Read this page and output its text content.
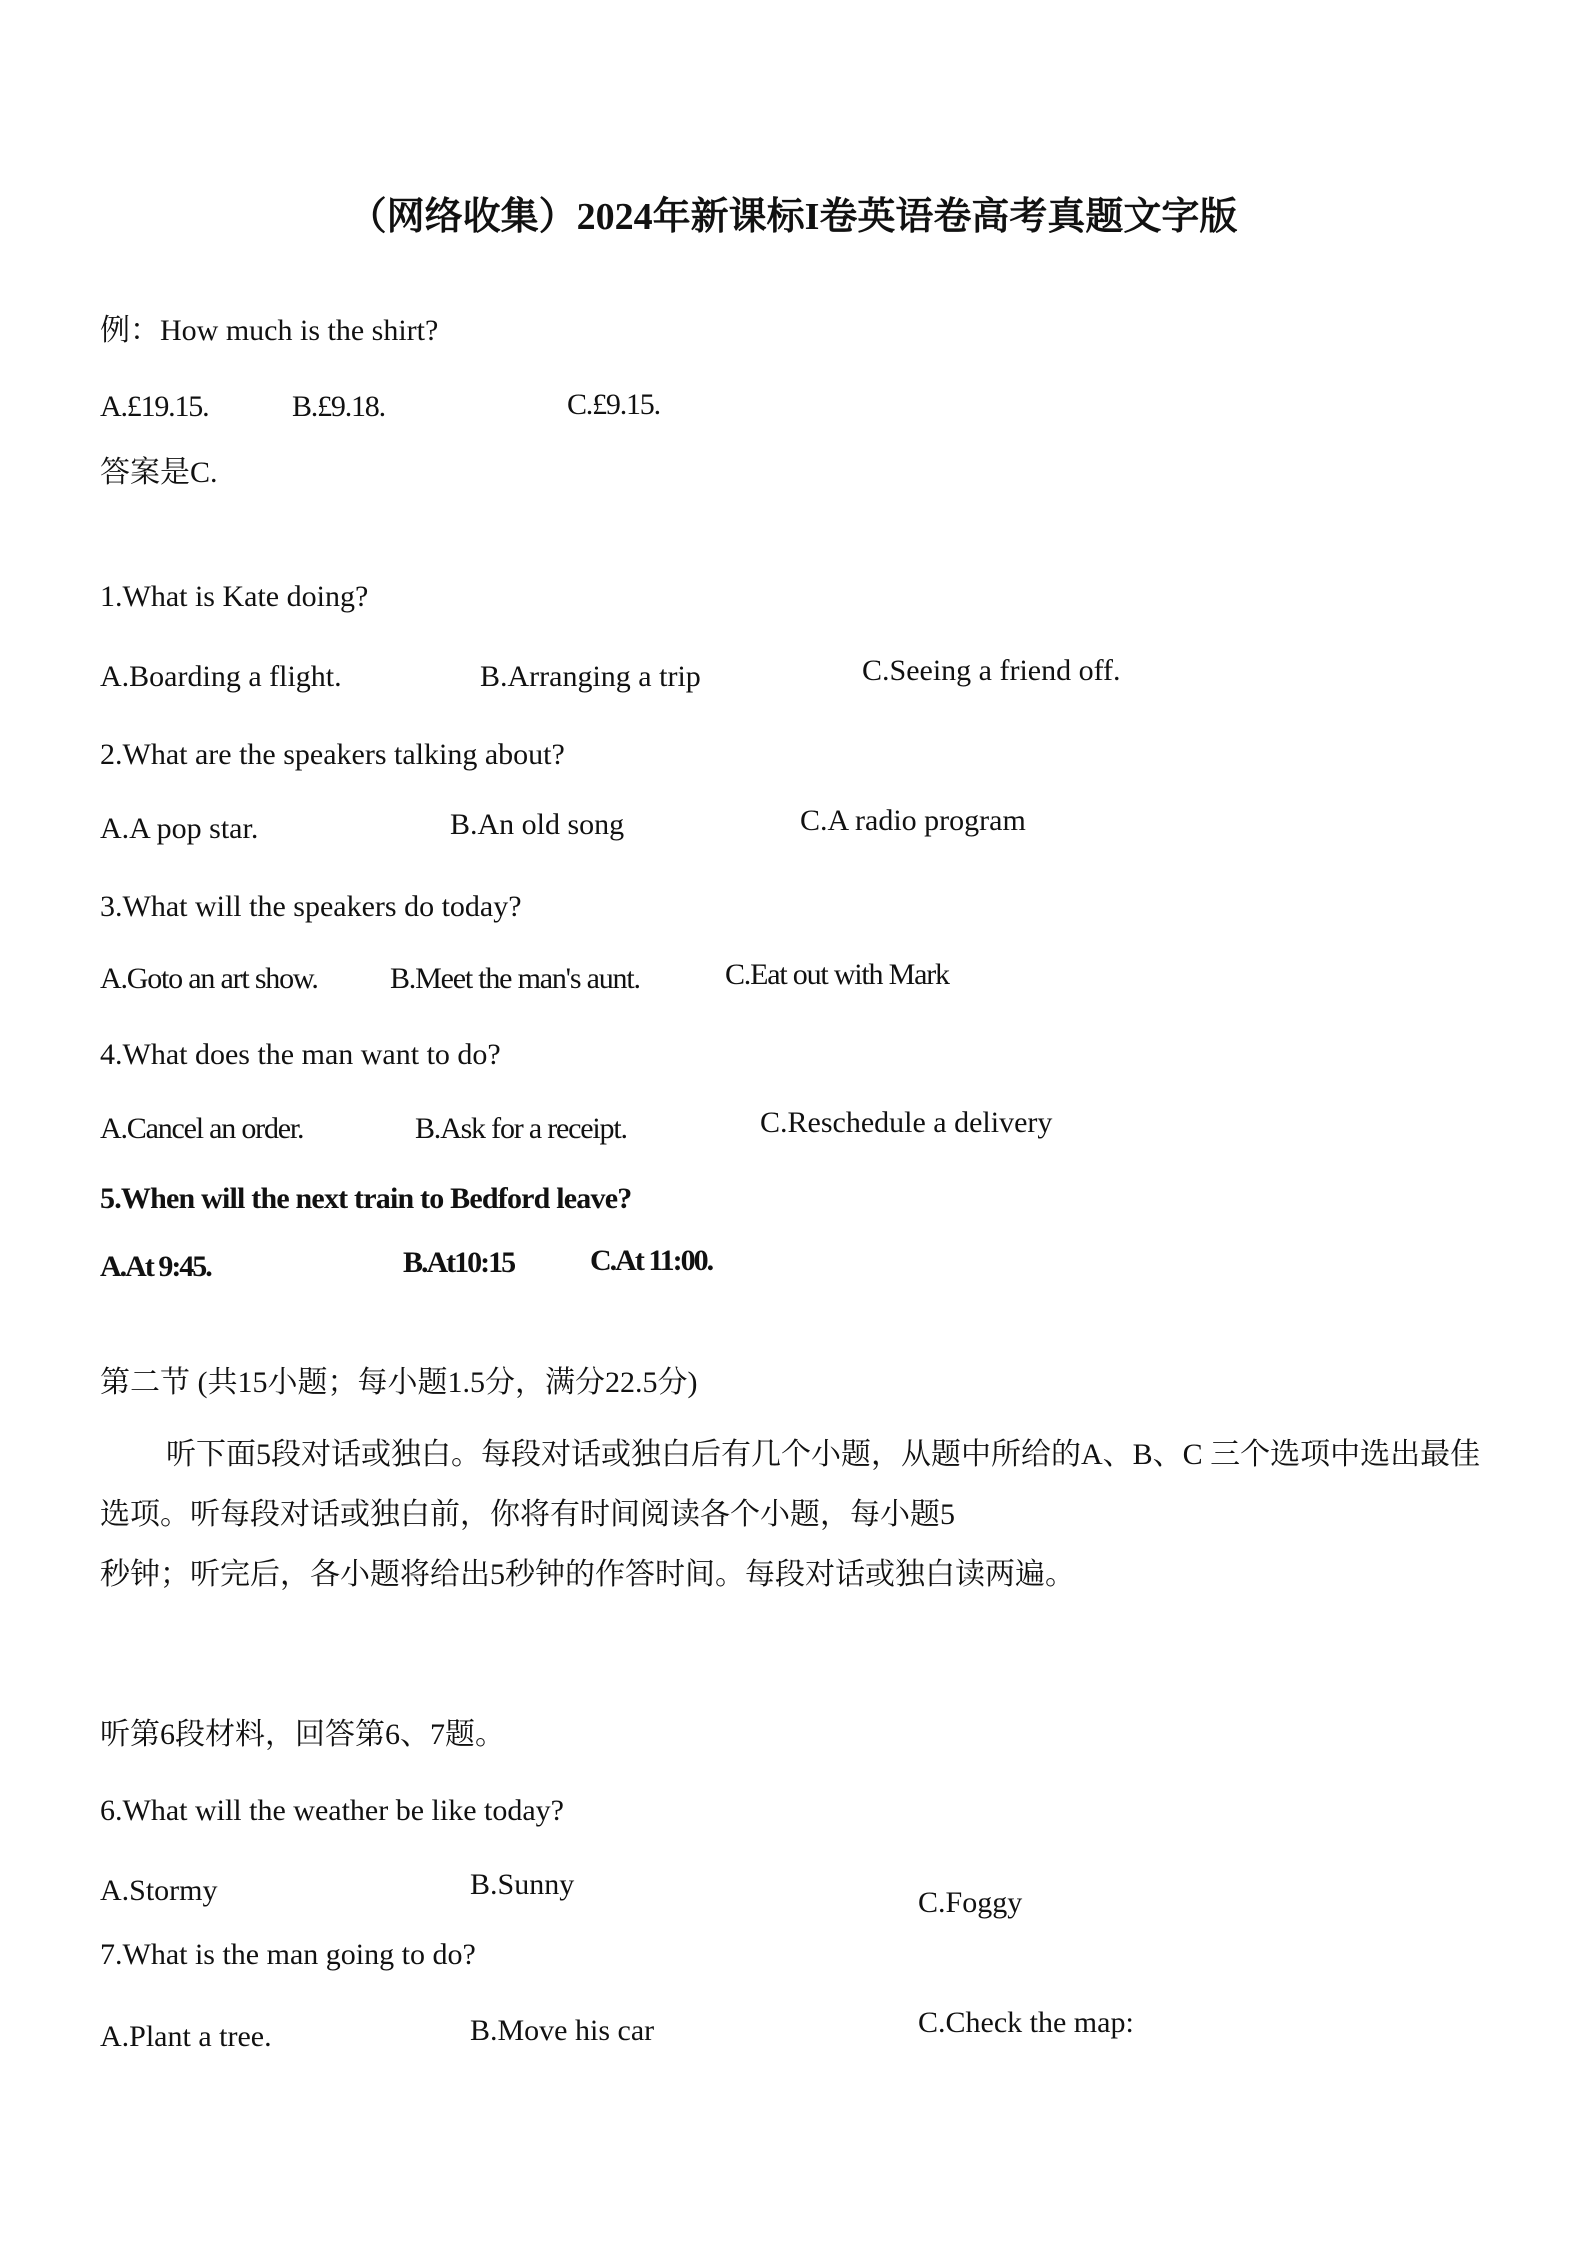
（网络收集）2024年新课标I卷英语卷高考真题文字版
例：How much is the shirt?
A.£19.15.	B.£9.18.	C.£9.15.
答案是C.
1.What is Kate doing?
A.Boarding a flight.	B.Arranging a trip	C.Seeing a friend off.
2.What are the speakers talking about?
A.A pop star.	B.An old song	C.A radio program
3.What will the speakers do today?
A.Goto an art show. B.Meet the man's aunt.	C.Eat out with Mark
4.What does the man want to do?
A.Cancel an order.	B.Ask for a receipt.	C.Reschedule a delivery
5.When will the next train to Bedford leave?
A.At 9:45.	B.At10:15	C.At 11:00.
第二节 (共15小题；每小题1.5分，满分22.5分)
听下面5段对话或独白。每段对话或独白后有几个小题，从题中所给的A、B、C 三个选项中选出最佳
选项。听每段对话或独白前，你将有时间阅读各个小题，每小题5
秒钟；听完后，各小题将给出5秒钟的作答时间。每段对话或独白读两遍。
听第6段材料，回答第6、7题。
6.What will the weather be like today?
A.Stormy	B.Sunny
C.Foggy
7.What is the man going to do?
A.Plant a tree.	B.Move his car	C.Check the map:
